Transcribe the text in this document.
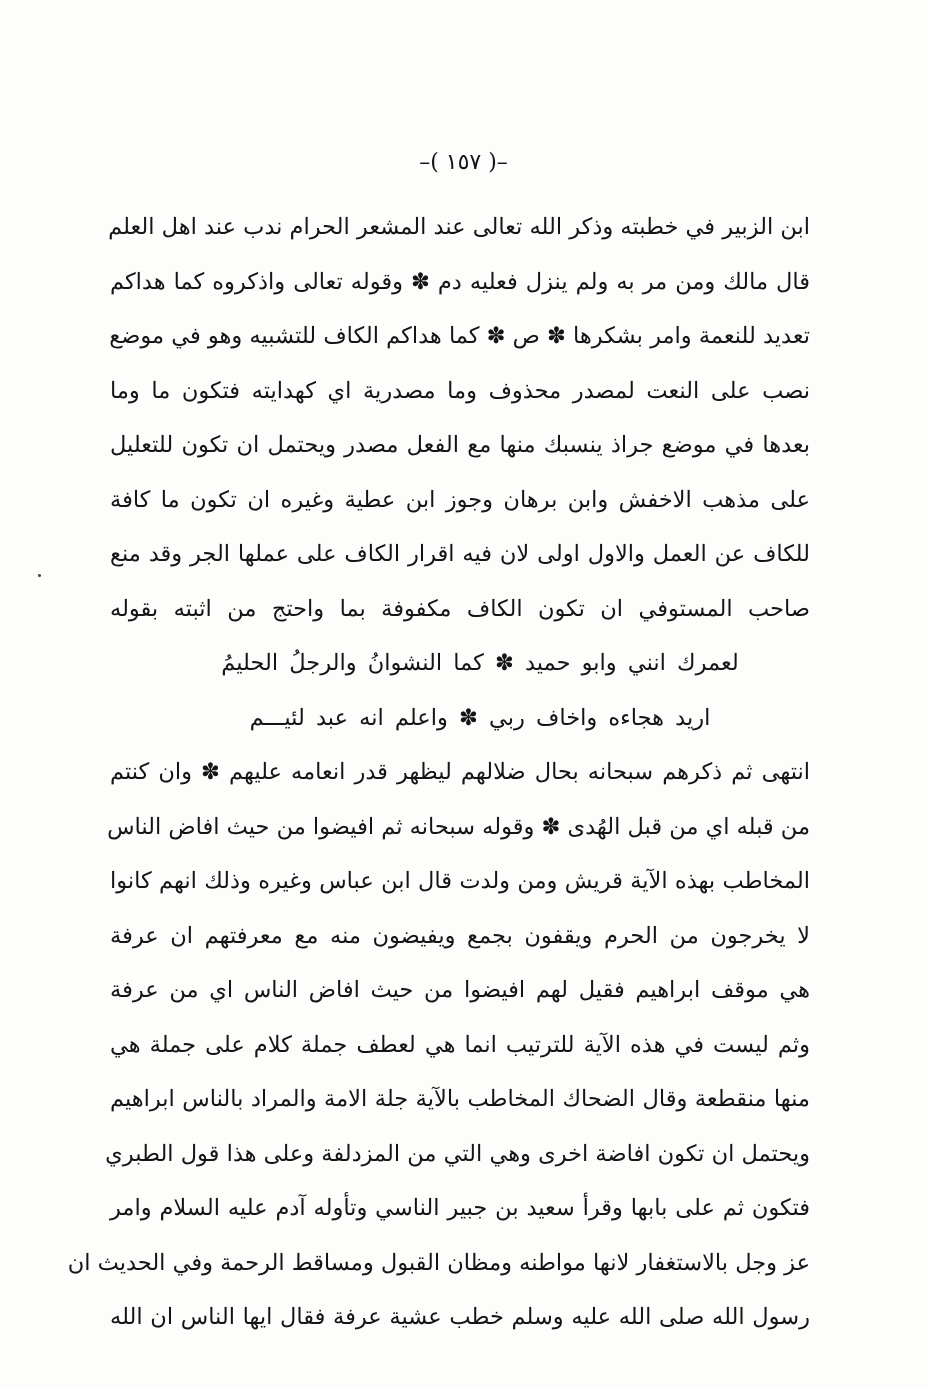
–( ١٥٧ )–
ابن الزبير في خطبته وذكر الله تعالى عند المشعر الحرام ندب عند اهل العلم
قال مالك ومن مر به ولم ينزل فعليه دم ✽ وقوله تعالى واذكروه كما هداكم
تعديد للنعمة وامر بشكرها ✽ ص ✽ كما هداكم الكاف للتشبيه وهو في موضع
نصب على النعت لمصدر محذوف وما مصدرية اي كهدايته فتكون ما وما
بعدها في موضع جراذ ينسبك منها مع الفعل مصدر ويحتمل ان تكون للتعليل
على مذهب الاخفش وابن برهان وجوز ابن عطية وغيره ان تكون ما كافة
للكاف عن العمل والاول اولى لان فيه اقرار الكاف على عملها الجر وقد منع
صاحب المستوفي ان تكون الكاف مكفوفة بما واحتج من اثبته بقوله
لعمرك انني وابو حميد ✽ كما النشوانُ والرجلُ الحليمُ
اريد هجاءه واخاف ربي ✽ واعلم انه عبد لئيـــم
انتهى ثم ذكرهم سبحانه بحال ضلالهم ليظهر قدر انعامه عليهم ✽ وان كنتم
من قبله اي من قبل الهُدى ✽ وقوله سبحانه ثم افيضوا من حيث افاض الناس
المخاطب بهذه الآية قريش ومن ولدت قال ابن عباس وغيره وذلك انهم كانوا
لا يخرجون من الحرم ويقفون بجمع ويفيضون منه مع معرفتهم ان عرفة
هي موقف ابراهيم فقيل لهم افيضوا من حيث افاض الناس اي من عرفة
وثم ليست في هذه الآية للترتيب انما هي لعطف جملة كلام على جملة هي
منها منقطعة وقال الضحاك المخاطب بالآية جلة الامة والمراد بالناس ابراهيم
ويحتمل ان تكون افاضة اخرى وهي التي من المزدلفة وعلى هذا قول الطبري
فتكون ثم على بابها وقرأ سعيد بن جبير الناسي وتأوله آدم عليه السلام وامر
عز وجل بالاستغفار لانها مواطنه ومظان القبول ومساقط الرحمة وفي الحديث ان
رسول الله صلى الله عليه وسلم خطب عشية عرفة فقال ايها الناس ان الله
